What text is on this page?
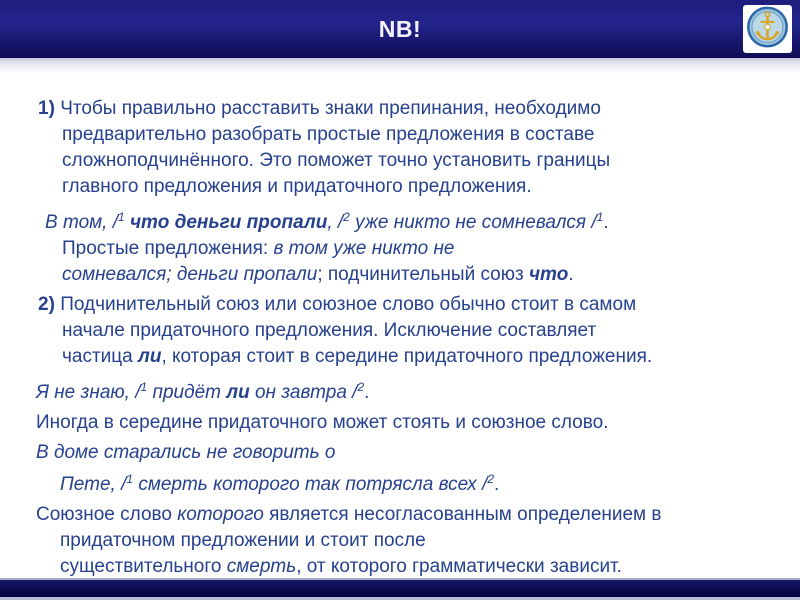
NB!

1) Чтобы правильно расставить знаки препинания, необходимо
предварительно разобрать простые предложения в составе
сложноподчинённого. Это поможет точно установить границы
главного предложения и придаточного предложения.

В том, /$^1$ что деньги пропали, /$^2$ уже никто не сомневался /$^1$.
Простые предложения: в том уже никто не
сомневался; деньги пропали; подчинительный союз что.

2) Подчинительный союз или союзное слово обычно стоит в самом
начале придаточного предложения. Исключение составляет
частица ли, которая стоит в середине придаточного предложения.

Я не знаю, /$^1$ придёт ли он завтра /$^2$.

Иногда в середине придаточного может стоять и союзное слово.

В доме старались не говорить о
Пете, /$^1$ смерть которого так потрясла всех /$^2$.

Союзное слово которого является несогласованным определением в
придаточном предложении и стоит после
существительного смерть, от которого грамматически зависит.
